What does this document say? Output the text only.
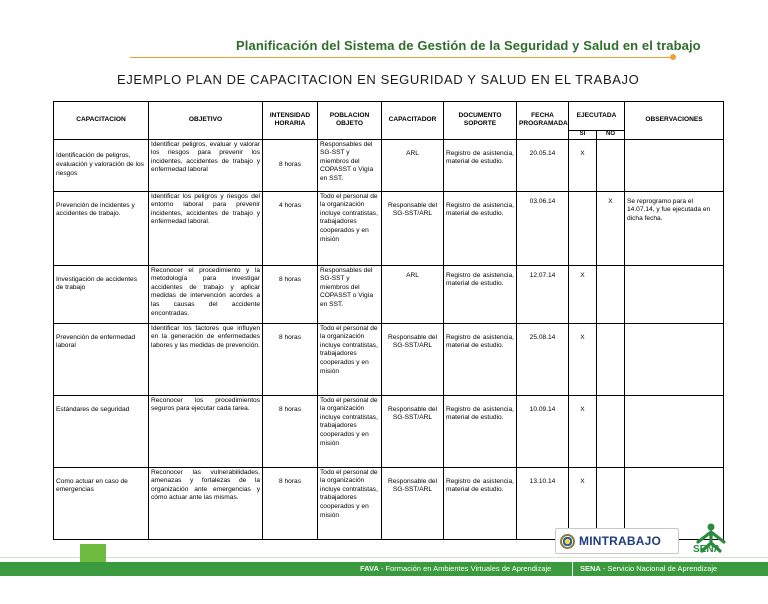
Planificación del Sistema de Gestión de la Seguridad y Salud en el trabajo
EJEMPLO PLAN DE CAPACITACION EN SEGURIDAD Y SALUD EN EL TRABAJO
CAPACITACION	OBJETIVO	INTENSIDAD HORARIA	POBLACION OBJETO	CAPACITADOR	DOCUMENTO SOPORTE	FECHA PROGRAMADA	EJECUTADA		OBSERVACIONES
							SI	NO	
Identificación de peligros, evaluación y valoración de los riesgos	Identificar peligros, evaluar y valorar los riesgos para prevenir los incidentes, accidentes de trabajo y enfermedad laboral	8 horas	Responsables del SG-SST y miembros del COPASST o Vigía en SST.	ARL	Registro de asistencia, material de estudio.	20.05.14	X		
Prevención de incidentes y accidentes de trabajo.	Identificar los peligros y riesgos del entorno laboral para prevenir incidentes, accidentes de trabajo y enfermedad laboral.	4 horas	Todo el personal de la organización incluye contratistas, trabajadores cooperados y en misión	Responsable del SG-SST/ARL	Registro de asistencia, material de estudio.	03.06.14		X	Se reprogramo para el 14.07.14, y fue ejecutada en dicha fecha.
Investigación de accidentes de trabajo	Reconocer el procedimiento y la metodología para investigar accidentes de trabajo y aplicar medidas de intervención acordes a las causas del accidente encontradas.	8 horas	Responsables del SG-SST y miembros del COPASST o Vigía en SST.	ARL	Registro de asistencia, material de estudio.	12.07.14	X		
Prevención de enfermedad laboral	Identificar los factores que influyen en la generación de enfermedades labores y las medidas de prevención.	8 horas	Todo el personal de la organización incluye contratistas, trabajadores cooperados y en misión	Responsable del SG-SST/ARL	Registro de asistencia, material de estudio.	25.08.14	X		
Estándares de seguridad	Reconocer los procedimientos seguros para ejecutar cada tarea.	8 horas	Todo el personal de la organización incluye contratistas, trabajadores cooperados y en misión	Responsable del SG-SST/ARL	Registro de asistencia, material de estudio.	10.09.14	X		
Como actuar en caso de emergencias	Reconocer las vulnerabilidades, amenazas y fortalezas de la organización ante emergencias y cómo actuar ante las mismas.	8 horas	Todo el personal de la organización incluye contratistas, trabajadores cooperados y en misión	Responsable del SG-SST/ARL	Registro de asistencia, material de estudio.	13.10.14	X		
MINTRABAJO
SENA
FAVA - Formación en Ambientes Virtuales de Aprendizaje	SENA - Servicio Nacional de Aprendizaje
